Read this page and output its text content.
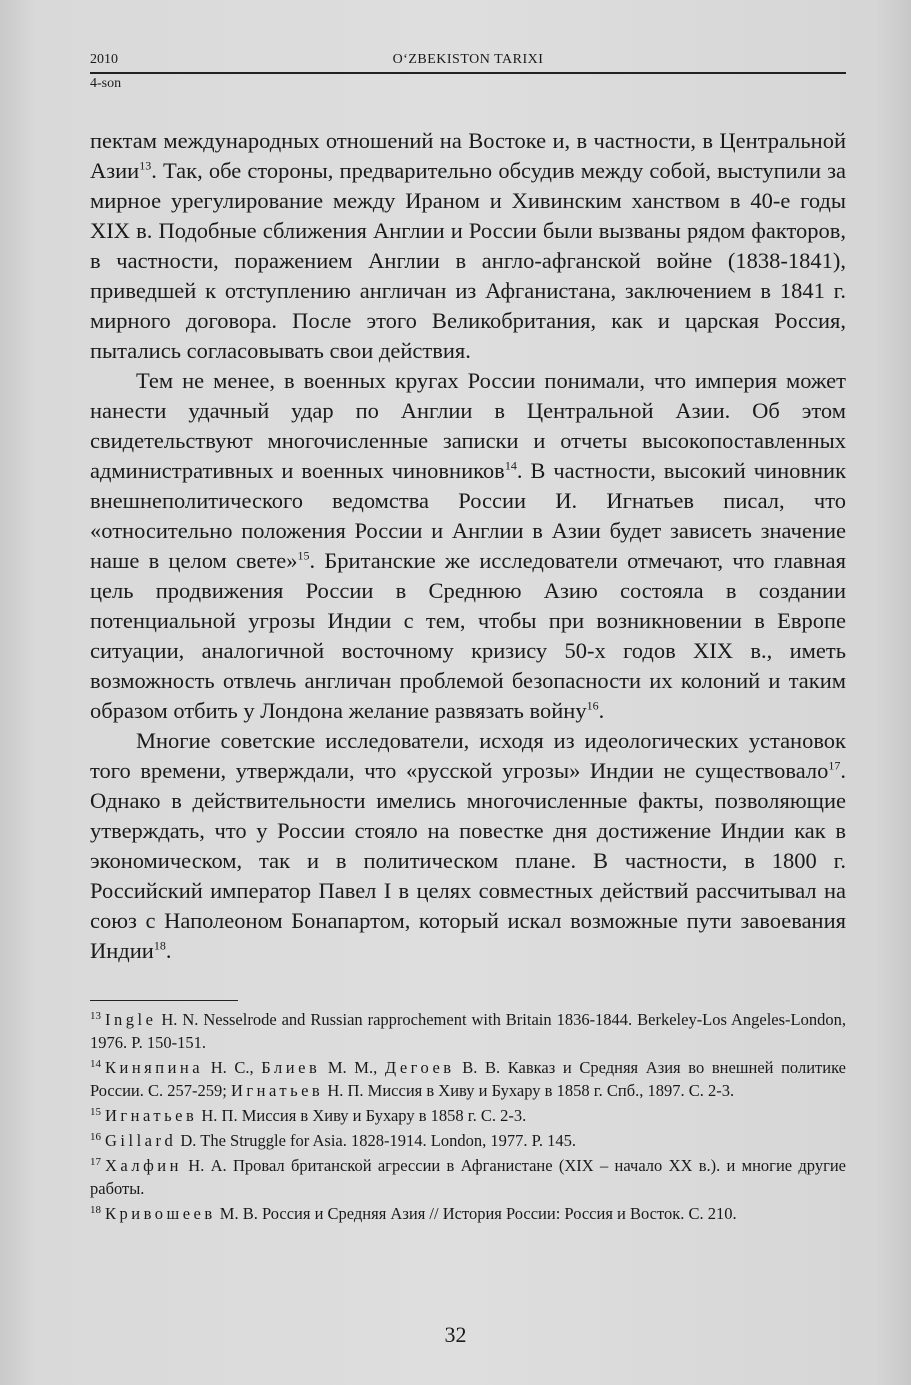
2010	O‘ZBEKISTON TARIXI
4-son

пектам международных отношений на Востоке и, в частности, в Центральной Азии$^{13}$. Так, обе стороны, предварительно обсудив между собой, выступили за мирное урегулирование между Ираном и Хивинским ханством в 40-е годы XIX в. Подобные сближения Англии и России были вызваны рядом факторов, в частности, поражением Англии в англо-афганской войне (1838-1841), приведшей к отступлению англичан из Афганистана, заключением в 1841 г. мирного договора. После этого Великобритания, как и царская Россия, пытались согласовывать свои действия.

Тем не менее, в военных кругах России понимали, что империя может нанести удачный удар по Англии в Центральной Азии. Об этом свидетельствуют многочисленные записки и отчеты высокопоставленных административных и военных чиновников$^{14}$. В частности, высокий чиновник внешнеполитического ведомства России И. Игнатьев писал, что «относительно положения России и Англии в Азии будет зависеть значение наше в целом свете»$^{15}$. Британские же исследователи отмечают, что главная цель продвижения России в Среднюю Азию состояла в создании потенциальной угрозы Индии с тем, чтобы при возникновении в Европе ситуации, аналогичной восточному кризису 50-х годов XIX в., иметь возможность отвлечь англичан проблемой безопасности их колоний и таким образом отбить у Лондона желание развязать войну$^{16}$.

Многие советские исследователи, исходя из идеологических установок того времени, утверждали, что «русской угрозы» Индии не существовало$^{17}$. Однако в действительности имелись многочисленные факты, позволяющие утверждать, что у России стояло на повестке дня достижение Индии как в экономическом, так и в политическом плане. В частности, в 1800 г. Российский император Павел I в целях совместных действий рассчитывал на союз с Наполеоном Бонапартом, который искал возможные пути завоевания Индии$^{18}$.

$^{13}$ Ingle H. N. Nesselrode and Russian rapprochement with Britain 1836-1844. Berkeley-Los Angeles-London, 1976. P. 150-151.
$^{14}$ Киняпина Н. С., Блиев М. М., Дегоев В. В. Кавказ и Средняя Азия во внешней политике России. С. 257-259; Игнатьев Н. П. Миссия в Хиву и Бухару в 1858 г. Спб., 1897. С. 2-3.
$^{15}$ Игнатьев Н. П. Миссия в Хиву и Бухару в 1858 г. С. 2-3.
$^{16}$ Gillard D. The Struggle for Asia. 1828-1914. London, 1977. P. 145.
$^{17}$ Халфин Н. А. Провал британской агрессии в Афганистане (XIX – начало XX в.). и многие другие работы.
$^{18}$ Кривошеев М. В. Россия и Средняя Азия // История России: Россия и Восток. С. 210.
32
